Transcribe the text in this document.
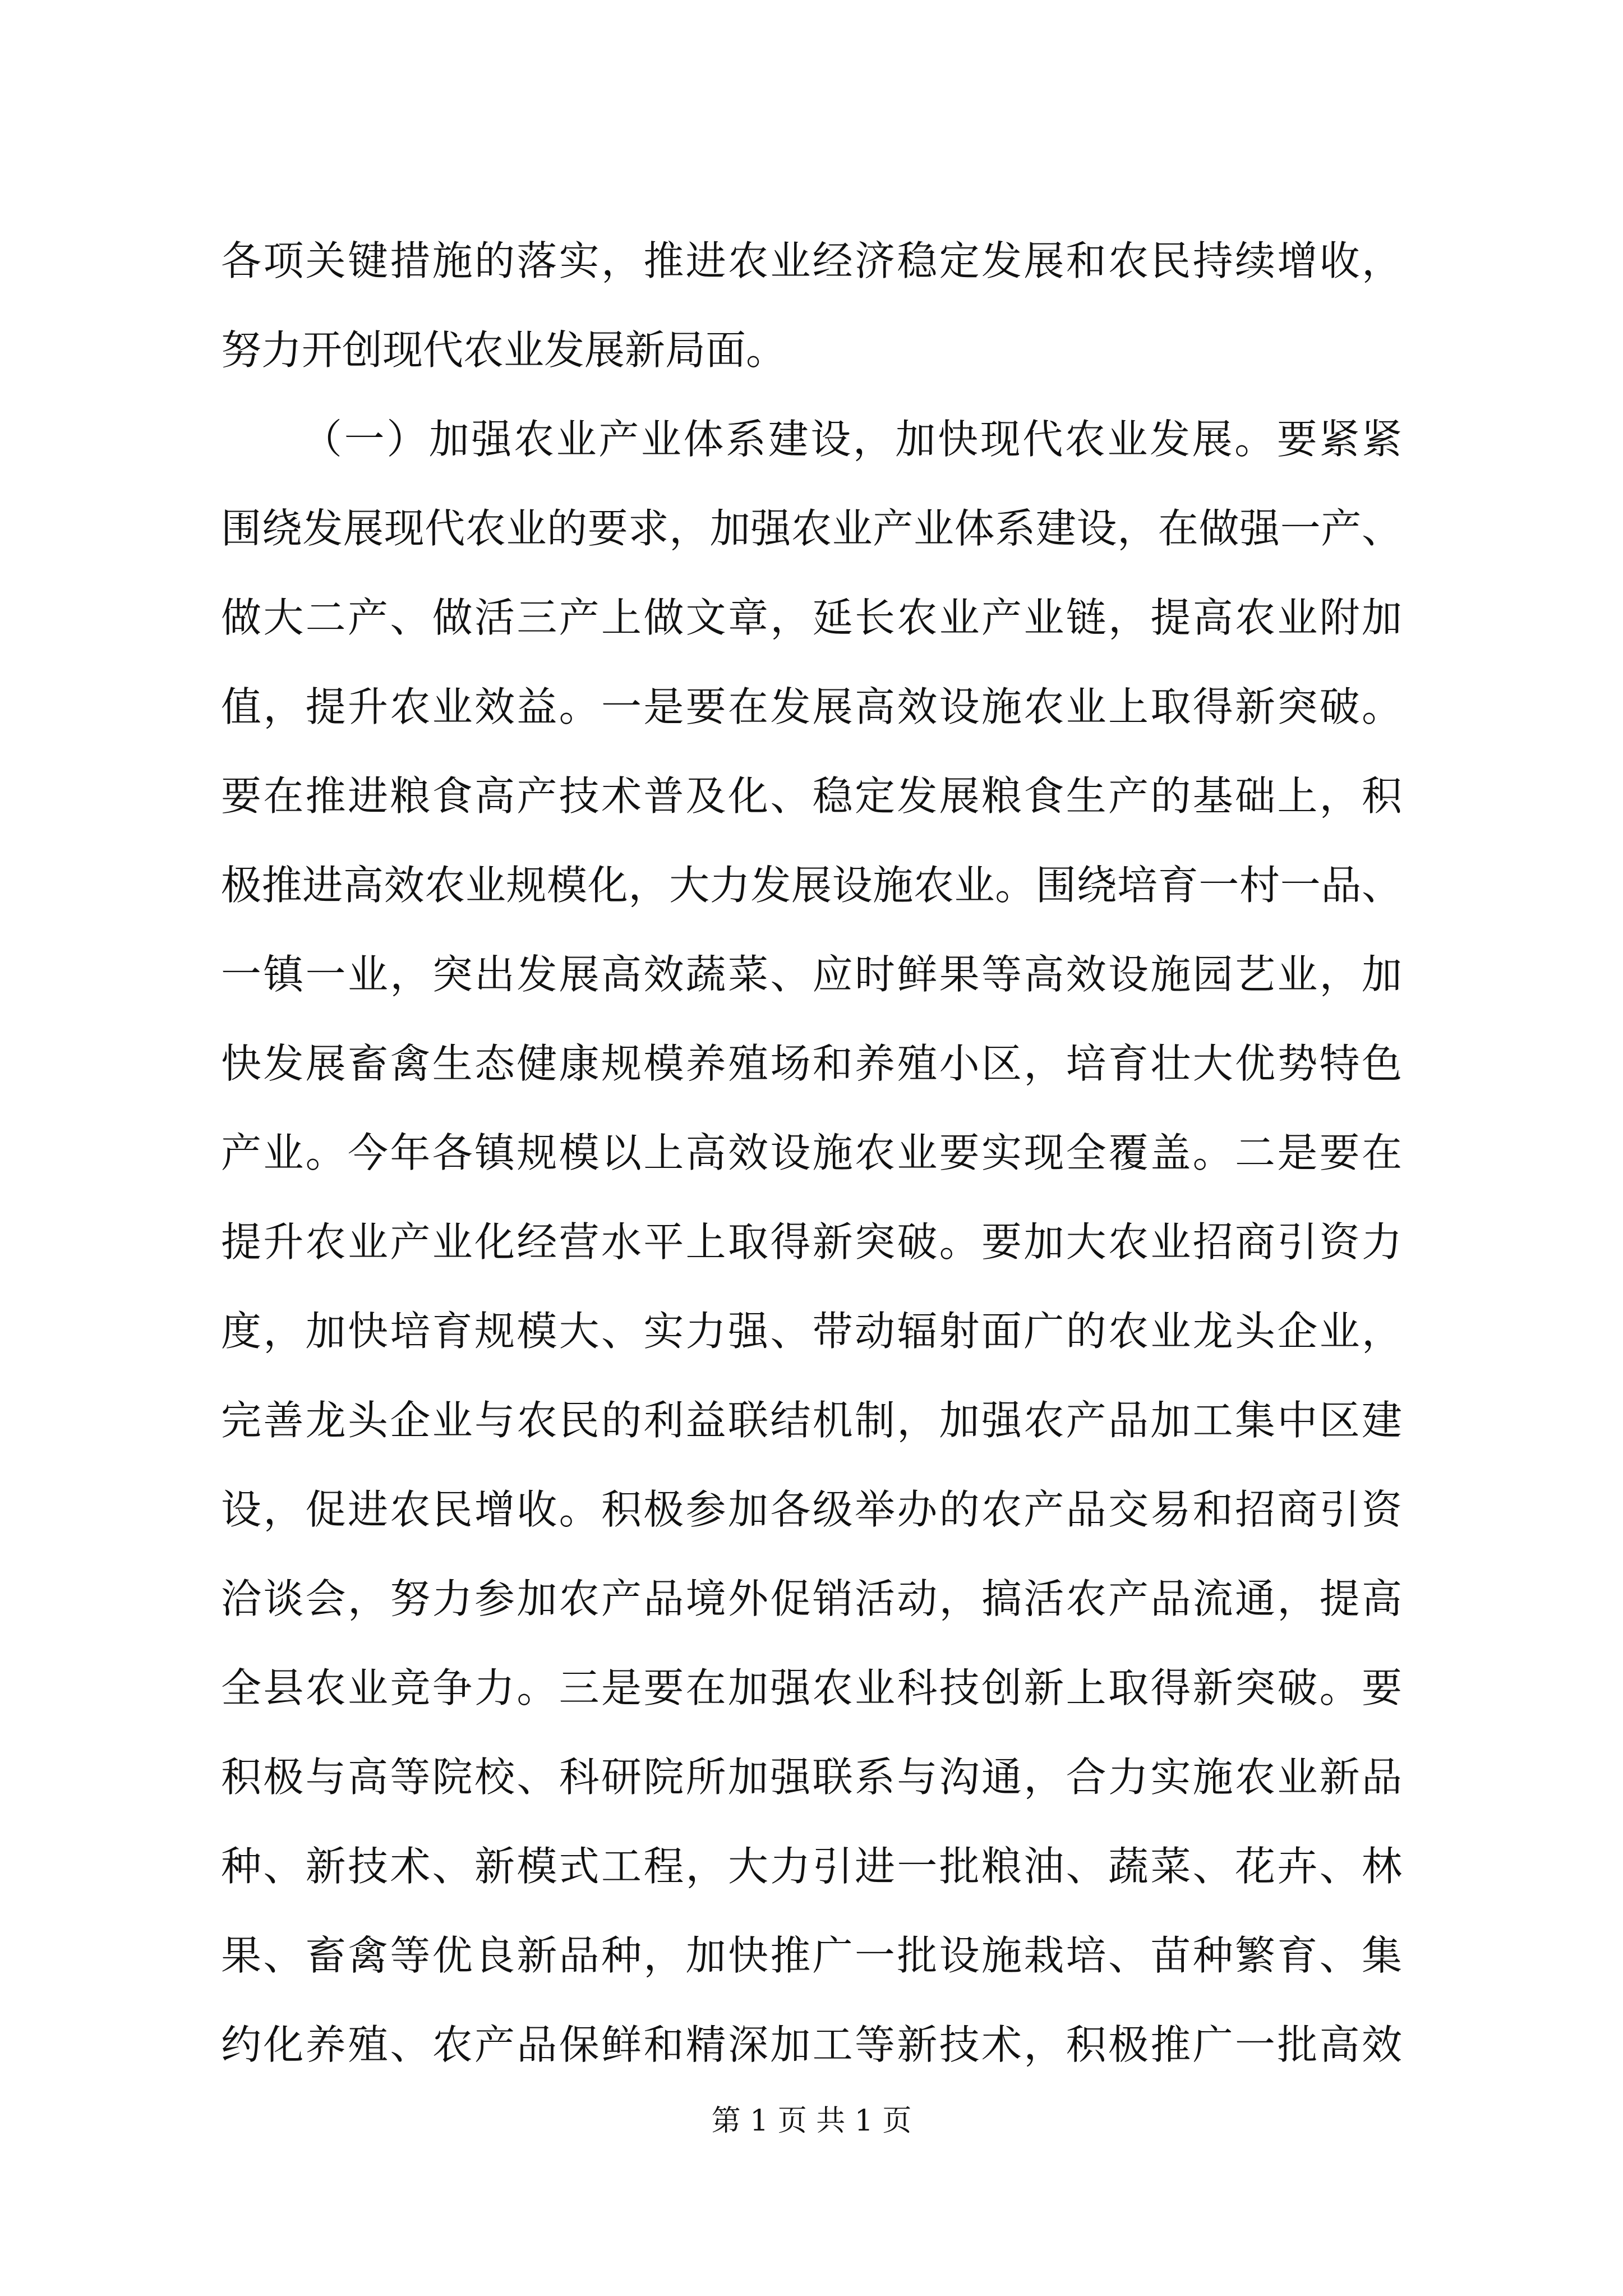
各项关键措施的落实，推进农业经济稳定发展和农民持续增收，
努力开创现代农业发展新局面。
（一）加强农业产业体系建设，加快现代农业发展。要紧紧
围绕发展现代农业的要求，加强农业产业体系建设，在做强一产、
做大二产、做活三产上做文章，延长农业产业链，提高农业附加
值，提升农业效益。一是要在发展高效设施农业上取得新突破。
要在推进粮食高产技术普及化、稳定发展粮食生产的基础上，积
极推进高效农业规模化，大力发展设施农业。围绕培育一村一品、
一镇一业，突出发展高效蔬菜、应时鲜果等高效设施园艺业，加
快发展畜禽生态健康规模养殖场和养殖小区，培育壮大优势特色
产业。今年各镇规模以上高效设施农业要实现全覆盖。二是要在
提升农业产业化经营水平上取得新突破。要加大农业招商引资力
度，加快培育规模大、实力强、带动辐射面广的农业龙头企业，
完善龙头企业与农民的利益联结机制，加强农产品加工集中区建
设，促进农民增收。积极参加各级举办的农产品交易和招商引资
洽谈会，努力参加农产品境外促销活动，搞活农产品流通，提高
全县农业竞争力。三是要在加强农业科技创新上取得新突破。要
积极与高等院校、科研院所加强联系与沟通，合力实施农业新品
种、新技术、新模式工程，大力引进一批粮油、蔬菜、花卉、林
果、畜禽等优良新品种，加快推广一批设施栽培、苗种繁育、集
约化养殖、农产品保鲜和精深加工等新技术，积极推广一批高效
第 1 页 共 1 页
